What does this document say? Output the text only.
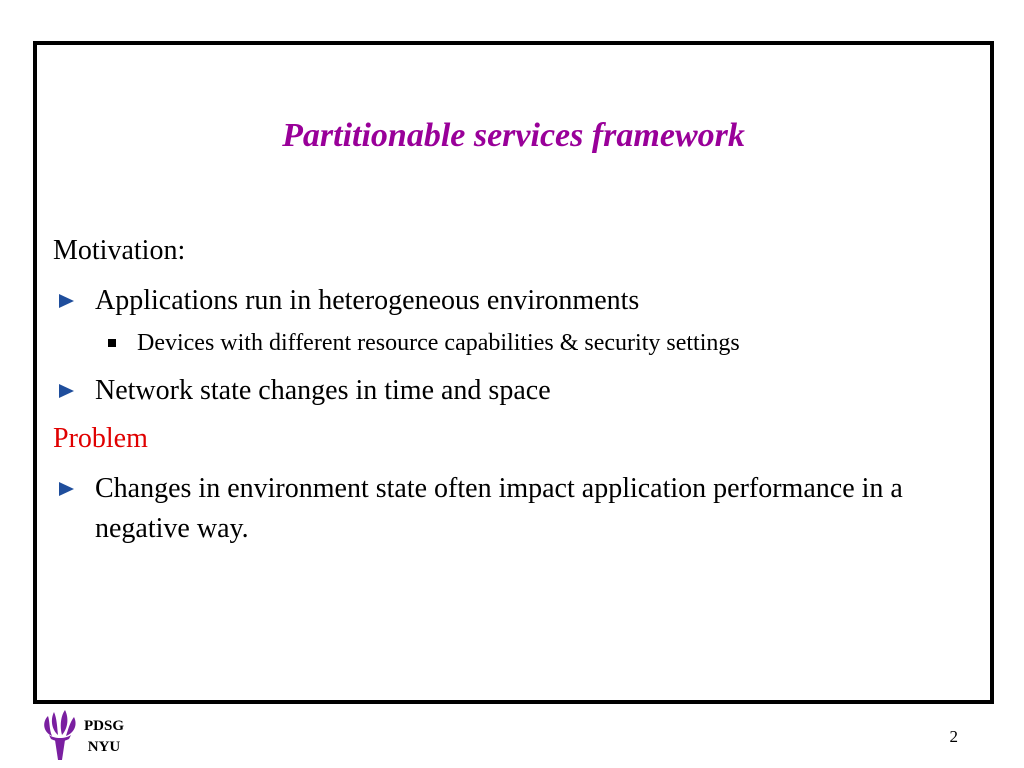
Partitionable services framework
Motivation:
Applications run in heterogeneous environments
Devices with different resource capabilities & security settings
Network state changes in time and space
Problem
Changes in environment state often impact application performance in a negative way.
PDSG
NYU
2
